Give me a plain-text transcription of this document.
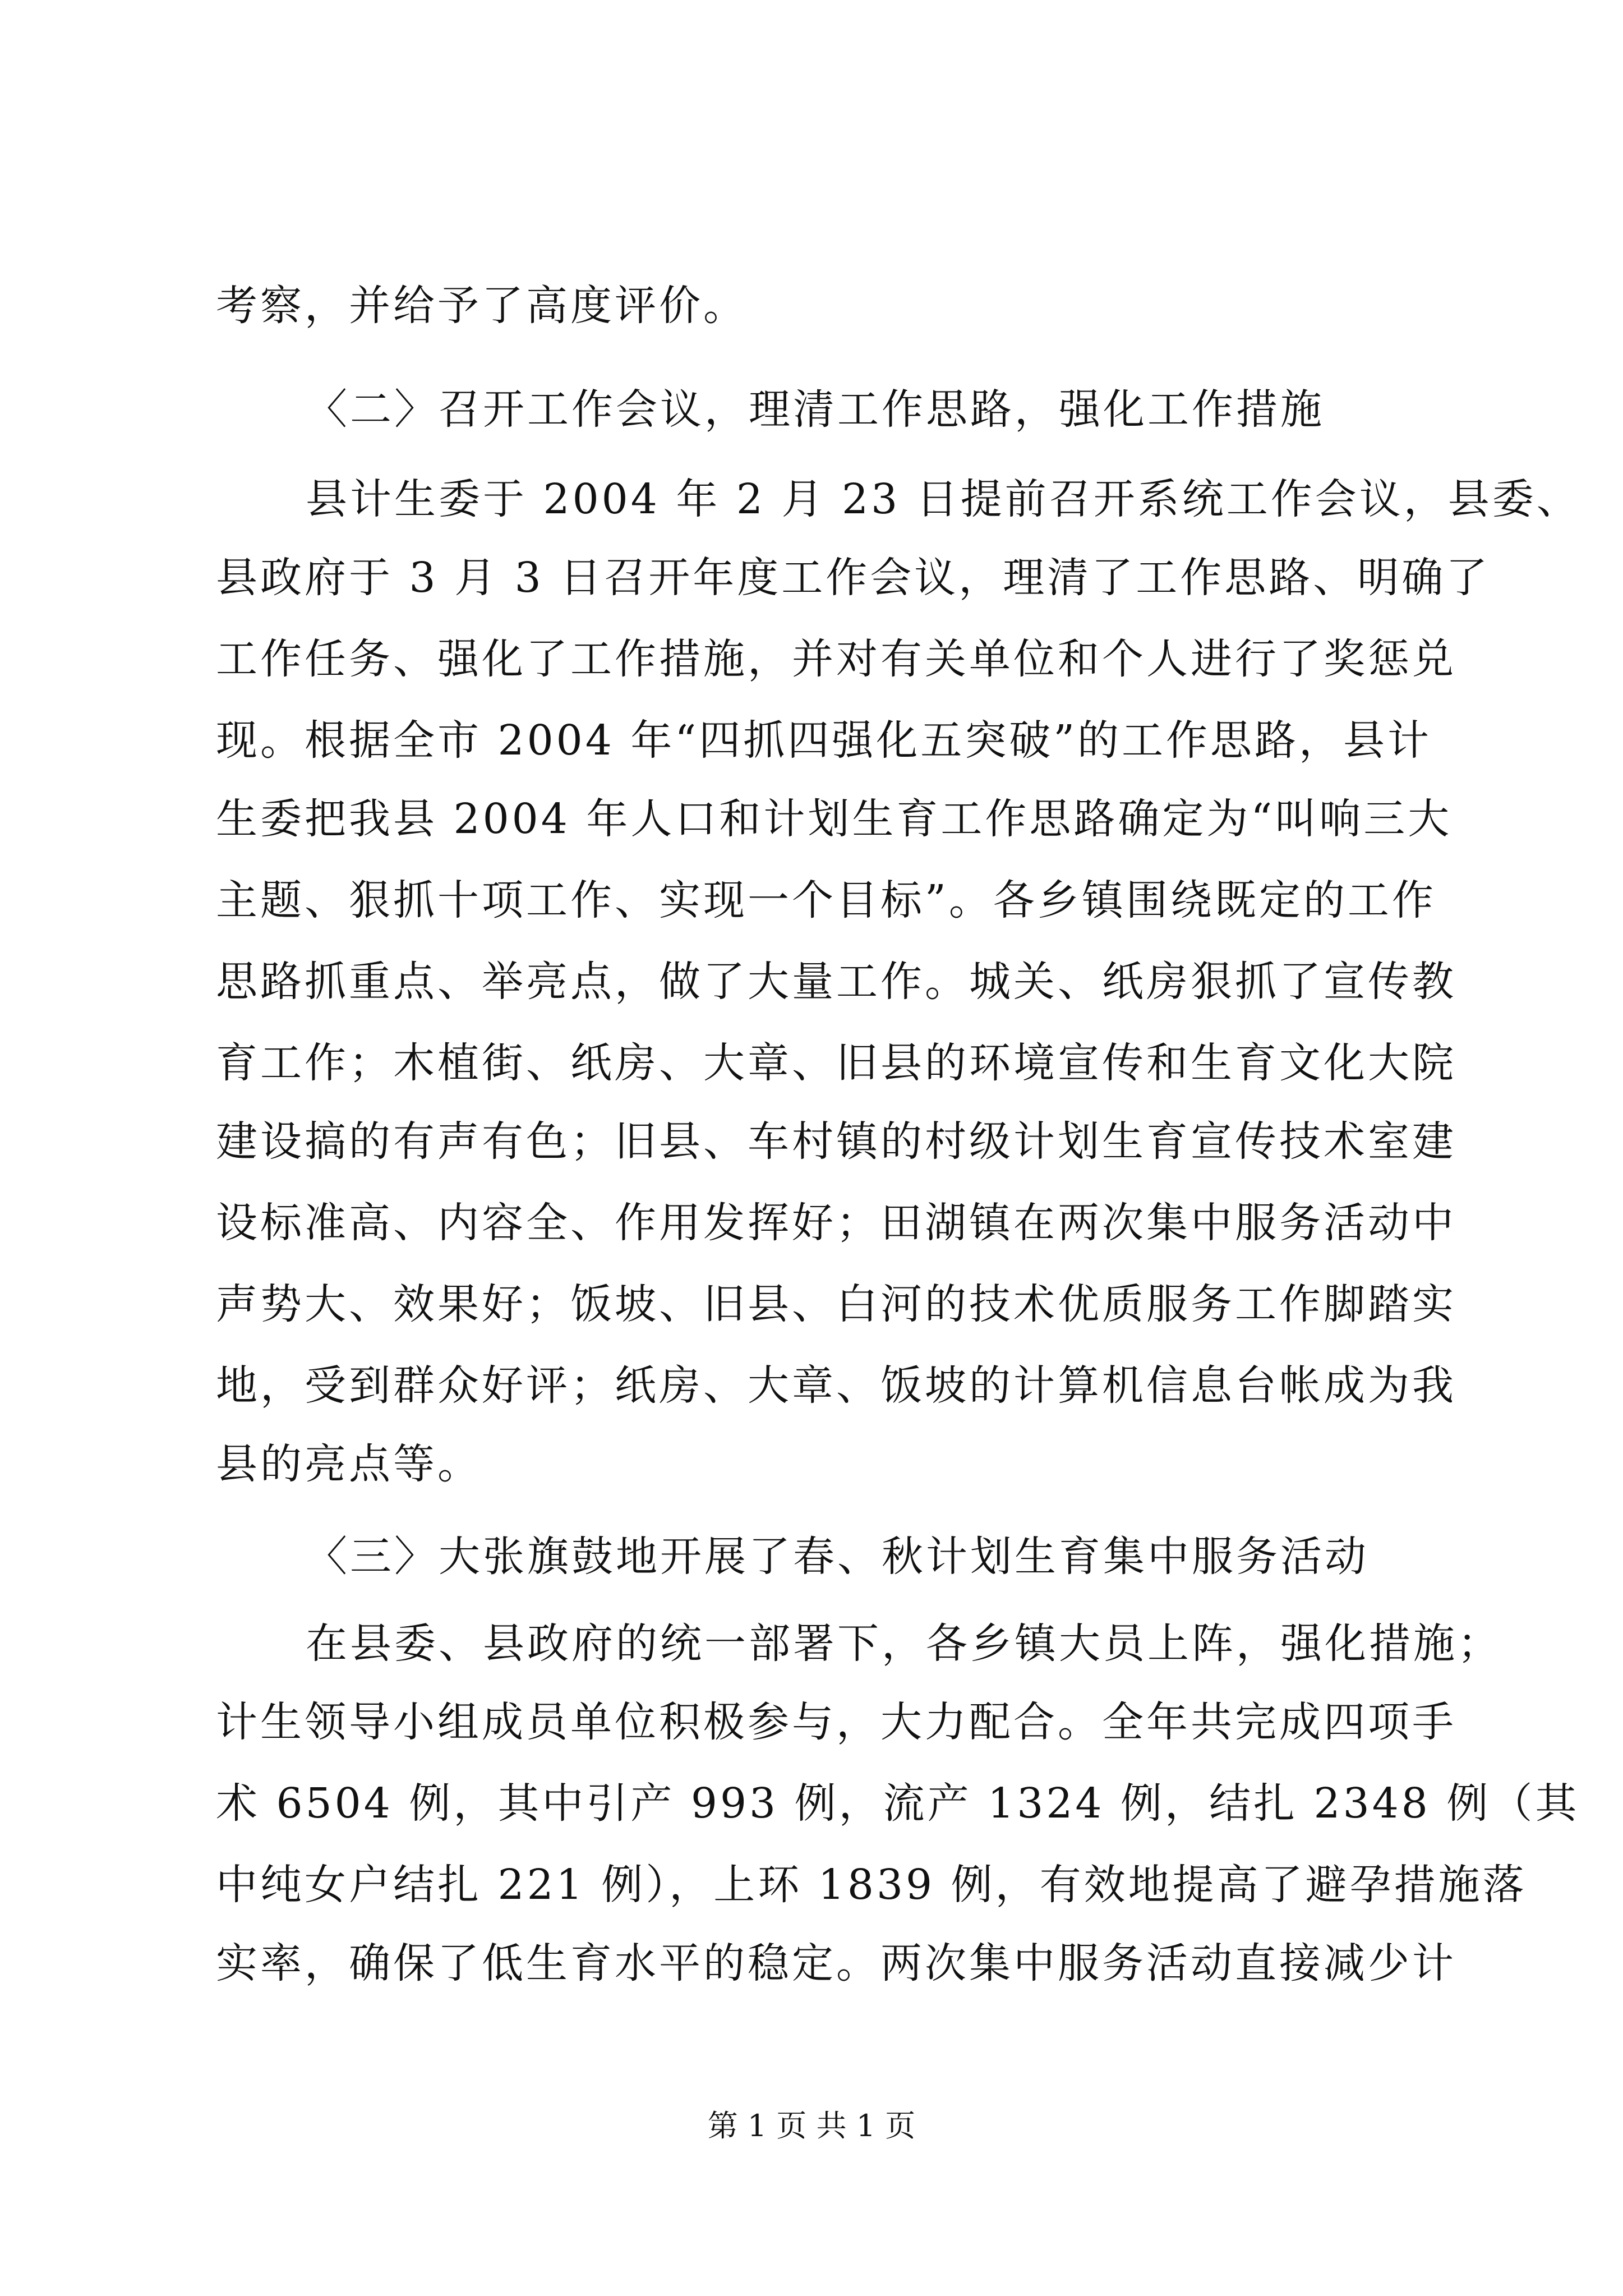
考察，并给予了高度评价。
〈二〉召开工作会议，理清工作思路，强化工作措施
县计生委于 2004 年 2 月 23 日提前召开系统工作会议，县委、
县政府于 3 月 3 日召开年度工作会议，理清了工作思路、明确了
工作任务、强化了工作措施，并对有关单位和个人进行了奖惩兑
现。根据全市 2004 年“四抓四强化五突破”的工作思路，县计
生委把我县 2004 年人口和计划生育工作思路确定为“叫响三大
主题、狠抓十项工作、实现一个目标”。各乡镇围绕既定的工作
思路抓重点、举亮点，做了大量工作。城关、纸房狠抓了宣传教
育工作；木植街、纸房、大章、旧县的环境宣传和生育文化大院
建设搞的有声有色；旧县、车村镇的村级计划生育宣传技术室建
设标准高、内容全、作用发挥好；田湖镇在两次集中服务活动中
声势大、效果好；饭坡、旧县、白河的技术优质服务工作脚踏实
地，受到群众好评；纸房、大章、饭坡的计算机信息台帐成为我
县的亮点等。
〈三〉大张旗鼓地开展了春、秋计划生育集中服务活动
在县委、县政府的统一部署下，各乡镇大员上阵，强化措施；
计生领导小组成员单位积极参与，大力配合。全年共完成四项手
术 6504 例，其中引产 993 例，流产 1324 例，结扎 2348 例（其
中纯女户结扎 221 例），上环 1839 例，有效地提高了避孕措施落
实率，确保了低生育水平的稳定。两次集中服务活动直接减少计
第 1 页 共 1 页
